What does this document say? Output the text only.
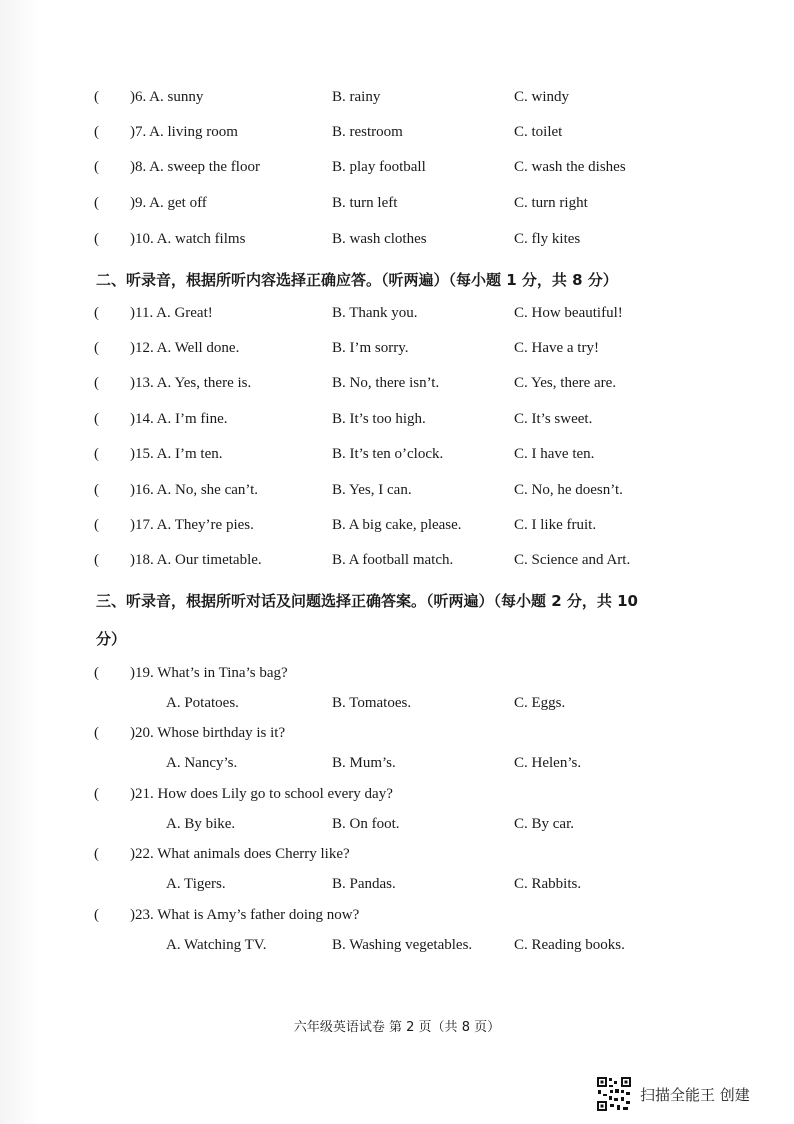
( )6. A. sunny	B. rainy	C. windy
( )7. A. living room	B. restroom	C. toilet
( )8. A. sweep the floor	B. play football	C. wash the dishes
( )9. A. get off	B. turn left	C. turn right
( )10. A. watch films	B. wash clothes	C. fly kites
二、听录音，根据所听内容选择正确应答。（听两遍）（每小题 1 分，共 8 分）
( )11. A. Great!	B. Thank you.	C. How beautiful!
( )12. A. Well done.	B. I’m sorry.	C. Have a try!
( )13. A. Yes, there is.	B. No, there isn’t.	C. Yes, there are.
( )14. A. I’m fine.	B. It’s too high.	C. It’s sweet.
( )15. A. I’m ten.	B. It’s ten o’clock.	C. I have ten.
( )16. A. No, she can’t.	B. Yes, I can.	C. No, he doesn’t.
( )17. A. They’re pies.	B. A big cake, please.	C. I like fruit.
( )18. A. Our timetable.	B. A football match.	C. Science and Art.
三、听录音，根据所听对话及问题选择正确答案。（听两遍）（每小题 2 分，共 10
分）
( )19. What’s in Tina’s bag?
A. Potatoes.	B. Tomatoes.	C. Eggs.
( )20. Whose birthday is it?
A. Nancy’s.	B. Mum’s.	C. Helen’s.
( )21. How does Lily go to school every day?
A. By bike.	B. On foot.	C. By car.
( )22. What animals does Cherry like?
A. Tigers.	B. Pandas.	C. Rabbits.
( )23. What is Amy’s father doing now?
A. Watching TV.	B. Washing vegetables.	C. Reading books.
六年级英语试卷 第 2 页（共 8 页）
扫描全能王 创建
